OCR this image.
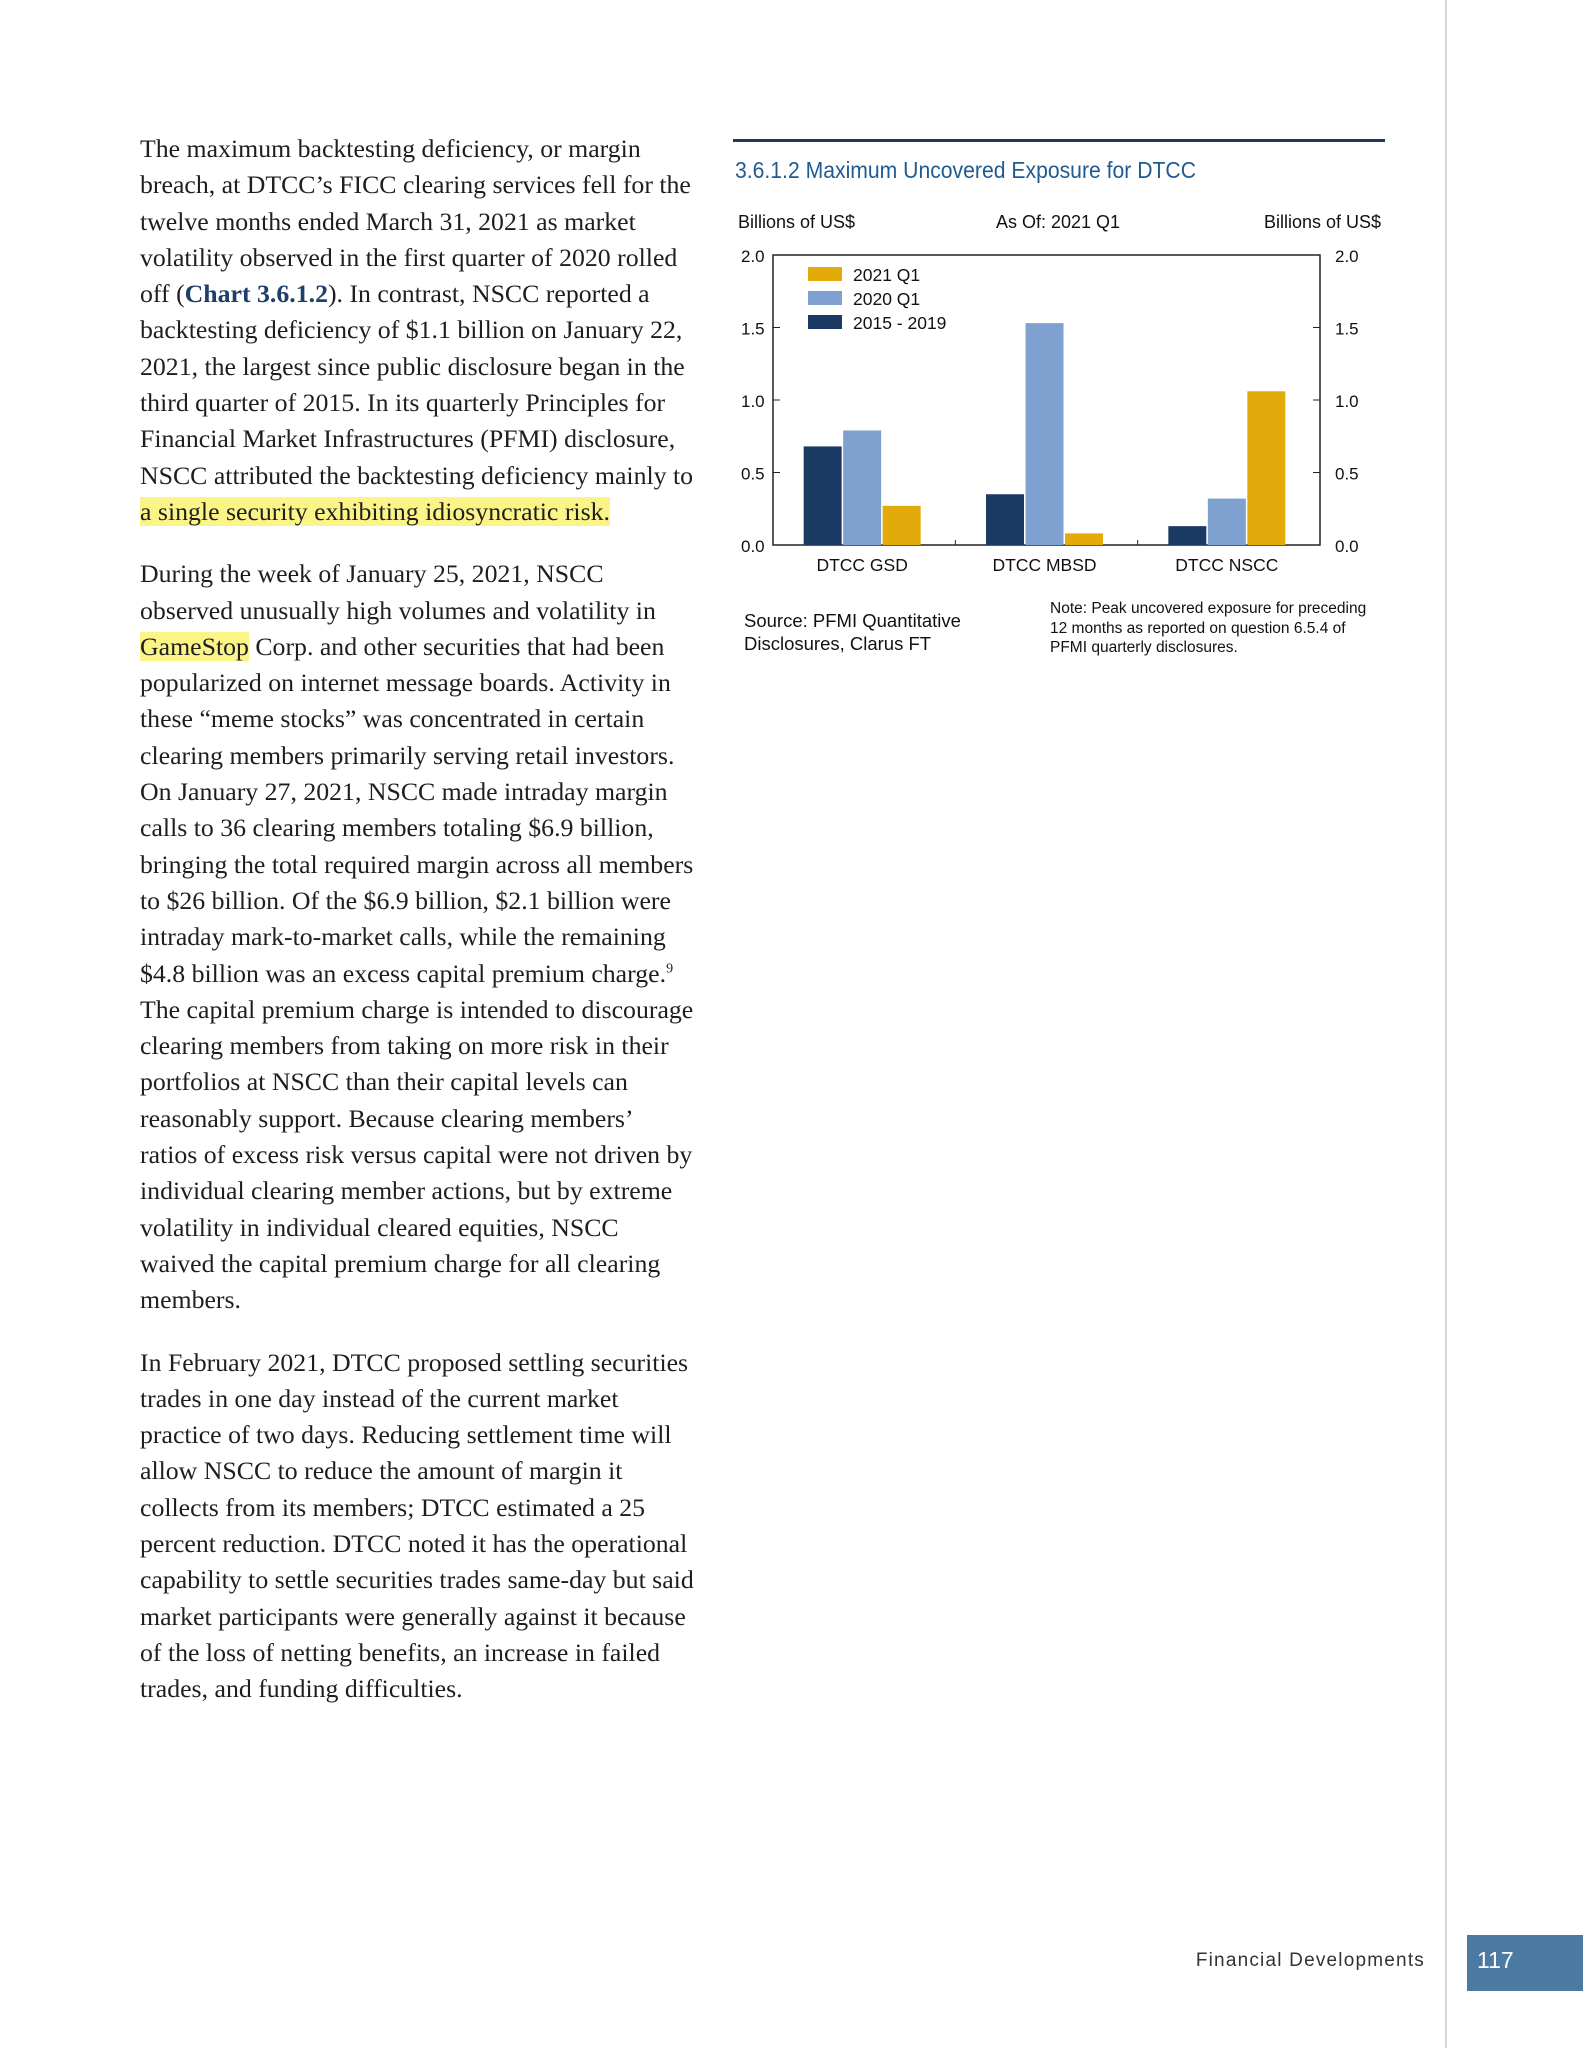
The maximum backtesting deficiency, or margin breach, at DTCC’s FICC clearing services fell for the twelve months ended March 31, 2021 as market volatility observed in the first quarter of 2020 rolled off (Chart 3.6.1.2). In contrast, NSCC reported a backtesting deficiency of $1.1 billion on January 22, 2021, the largest since public disclosure began in the third quarter of 2015. In its quarterly Principles for Financial Market Infrastructures (PFMI) disclosure, NSCC attributed the backtesting deficiency mainly to a single security exhibiting idiosyncratic risk.

During the week of January 25, 2021, NSCC observed unusually high volumes and volatility in GameStop Corp. and other securities that had been popularized on internet message boards. Activity in these “meme stocks” was concentrated in certain clearing members primarily serving retail investors. On January 27, 2021, NSCC made intraday margin calls to 36 clearing members totaling $6.9 billion, bringing the total required margin across all members to $26 billion. Of the $6.9 billion, $2.1 billion were intraday mark-to-market calls, while the remaining $4.8 billion was an excess capital premium charge.$^9$ The capital premium charge is intended to discourage clearing members from taking on more risk in their portfolios at NSCC than their capital levels can reasonably support. Because clearing members’ ratios of excess risk versus capital were not driven by individual clearing member actions, but by extreme volatility in individual cleared equities, NSCC waived the capital premium charge for all clearing members.

In February 2021, DTCC proposed settling securities trades in one day instead of the current market practice of two days. Reducing settlement time will allow NSCC to reduce the amount of margin it collects from its members; DTCC estimated a 25 percent reduction. DTCC noted it has the operational capability to settle securities trades same-day but said market participants were generally against it because of the loss of netting benefits, an increase in failed trades, and funding difficulties.

3.6.1.2 Maximum Uncovered Exposure for DTCC
Billions of US$	As Of: 2021 Q1	Billions of US$
0.0	0.0
0.5	0.5
1.0	1.0
1.5	1.5
2.0	2.0
DTCC GSD	DTCC MBSD	DTCC NSCC
2021 Q1
2020 Q1
2015 - 2019
Note: Peak uncovered exposure for preceding 12 months as reported on question 6.5.4 of PFMI quarterly disclosures.
Source: PFMI Quantitative Disclosures, Clarus FT
Financial Developments 117
